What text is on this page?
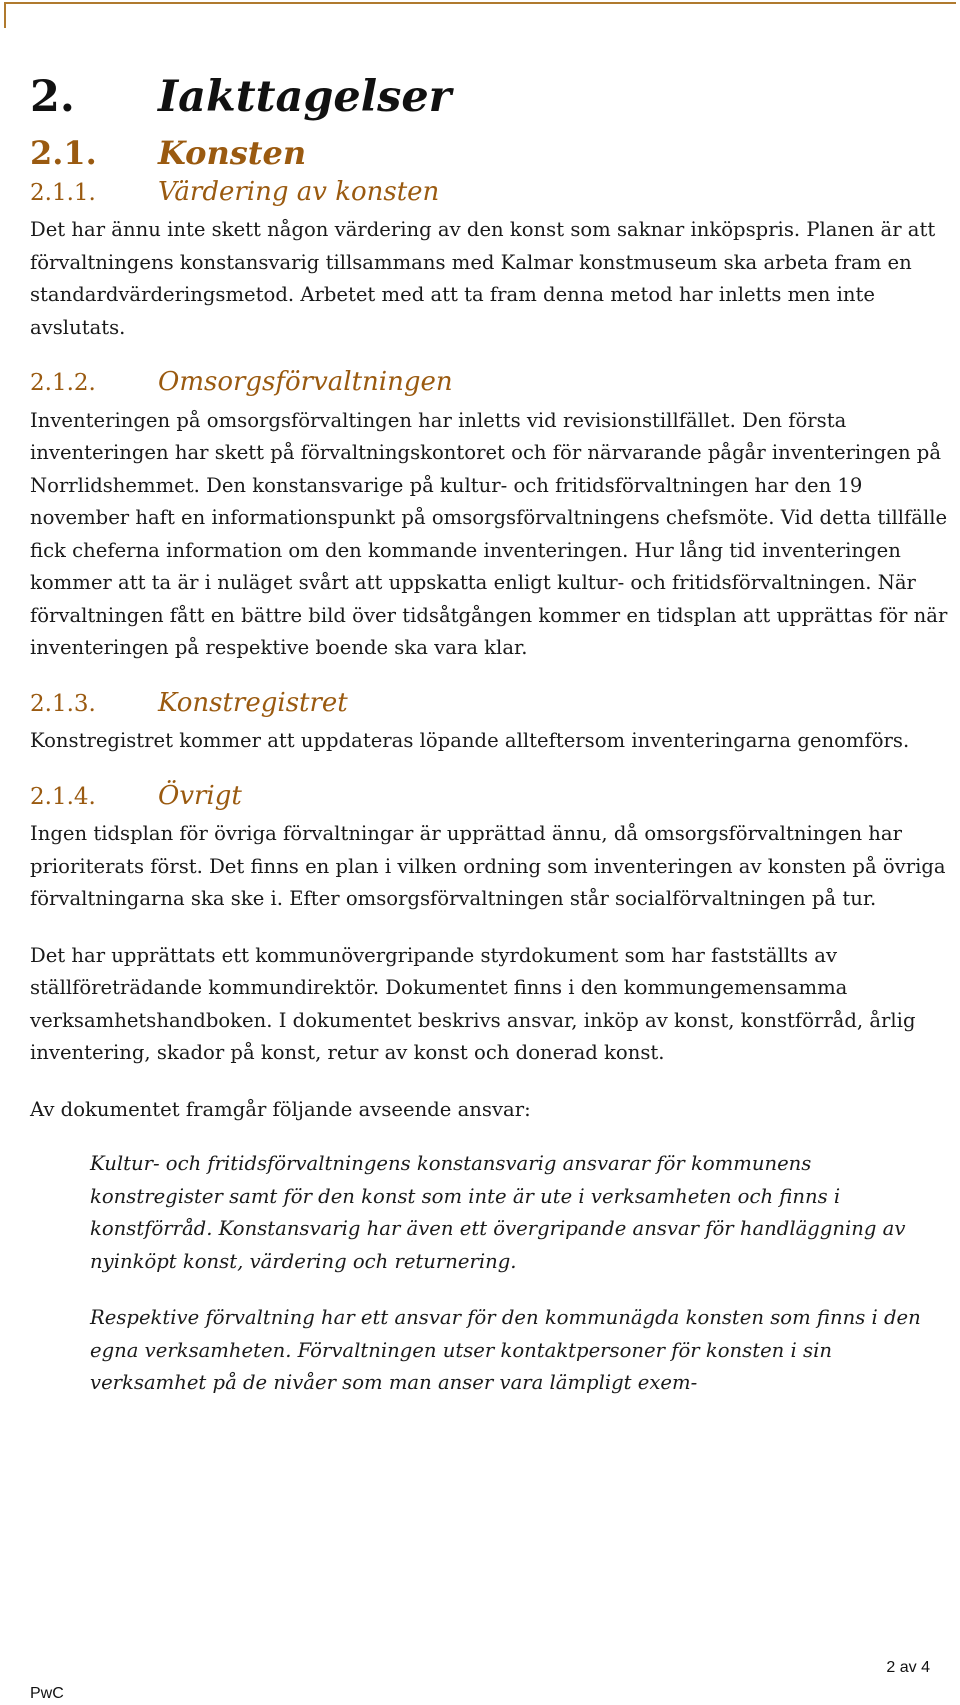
2.	Iakttagelser
2.1.	Konsten
2.1.1.	Värdering av konsten

Det har ännu inte skett någon värdering av den konst som saknar inköpspris. Planen är att förvaltningens konstansvarig tillsammans med Kalmar konstmuseum ska arbeta fram en standardvärderingsmetod. Arbetet med att ta fram denna metod har inletts men inte avslutats.

2.1.2.	Omsorgsförvaltningen

Inventeringen på omsorgsförvaltingen har inletts vid revisionstillfället. Den första inventeringen har skett på förvaltningskontoret och för närvarande pågår inventeringen på Norrlidshemmet. Den konstansvarige på kultur- och fritidsförvaltningen har den 19 november haft en informationspunkt på omsorgsförvaltningens chefsmöte. Vid detta tillfälle fick cheferna information om den kommande inventeringen. Hur lång tid inventeringen kommer att ta är i nuläget svårt att uppskatta enligt kultur- och fritidsförvaltningen. När förvaltningen fått en bättre bild över tidsåtgången kommer en tidsplan att upprättas för när inventeringen på respektive boende ska vara klar.

2.1.3.	Konstregistret

Konstregistret kommer att uppdateras löpande allteftersom inventeringarna genomförs.

2.1.4.	Övrigt

Ingen tidsplan för övriga förvaltningar är upprättad ännu, då omsorgsförvaltningen har prioriterats först. Det finns en plan i vilken ordning som inventeringen av konsten på övriga förvaltningarna ska ske i. Efter omsorgsförvaltningen står socialförvaltningen på tur.

Det har upprättats ett kommunövergripande styrdokument som har fastställts av ställföreträdande kommundirektör. Dokumentet finns i den kommungemensamma verksamhetshandboken. I dokumentet beskrivs ansvar, inköp av konst, konstförråd, årlig inventering, skador på konst, retur av konst och donerad konst.

Av dokumentet framgår följande avseende ansvar:

Kultur- och fritidsförvaltningens konstansvarig ansvarar för kommunens konstregister samt för den konst som inte är ute i verksamheten och finns i konstförråd. Konstansvarig har även ett övergripande ansvar för handläggning av nyinköpt konst, värdering och returnering.
Respektive förvaltning har ett ansvar för den kommunägda konsten som finns i den egna verksamheten. Förvaltningen utser kontaktpersoner för konsten i sin verksamhet på de nivåer som man anser vara lämpligt exem-
2 av 4
PwC
